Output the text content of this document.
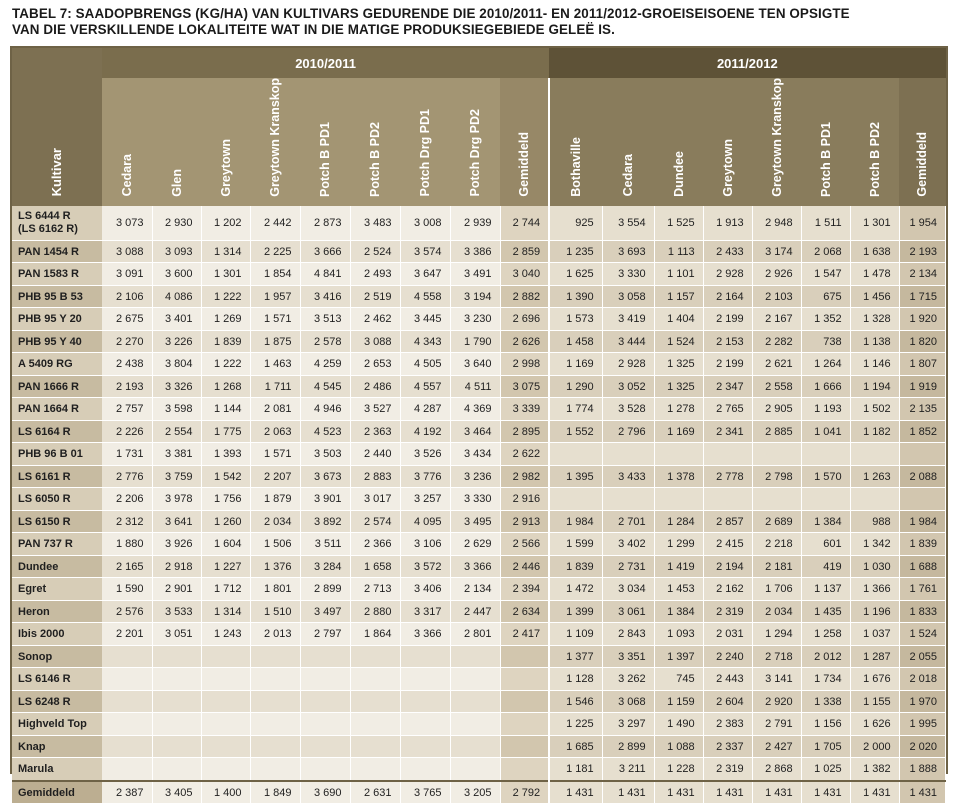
TABEL 7: SAADOPBRENGS (KG/HA) VAN KULTIVARS GEDURENDE DIE 2010/2011- EN 2011/2012-GROEISEISOENE TEN OPSIGTE
VAN DIE VERSKILLENDE LOKALITEITE WAT IN DIE MATIGE PRODUKSIEGEBIEDE GELEË IS.
Kultivar	2010/2011									2011/2012							
	Cedara	Glen	Greytown	Greytown Kranskop	Potch B PD1	Potch B PD2	Potch Drg PD1	Potch Drg PD2	Gemiddeld	Bothaville	Cedara	Dundee	Greytown	Greytown Kranskop	Potch B PD1	Potch B PD2	Gemiddeld

LS 6444 R
(LS 6162 R)	3 073	2 930	1 202	2 442	2 873	3 483	3 008	2 939	2 744	925	3 554	1 525	1 913	2 948	1 511	1 301	1 954

PAN 1454 R	3 088	3 093	1 314	2 225	3 666	2 524	3 574	3 386	2 859	1 235	3 693	1 113	2 433	3 174	2 068	1 638	2 193

PAN 1583 R	3 091	3 600	1 301	1 854	4 841	2 493	3 647	3 491	3 040	1 625	3 330	1 101	2 928	2 926	1 547	1 478	2 134

PHB 95 B 53	2 106	4 086	1 222	1 957	3 416	2 519	4 558	3 194	2 882	1 390	3 058	1 157	2 164	2 103	675	1 456	1 715

PHB 95 Y 20	2 675	3 401	1 269	1 571	3 513	2 462	3 445	3 230	2 696	1 573	3 419	1 404	2 199	2 167	1 352	1 328	1 920

PHB 95 Y 40	2 270	3 226	1 839	1 875	2 578	3 088	4 343	1 790	2 626	1 458	3 444	1 524	2 153	2 282	738	1 138	1 820

A 5409 RG	2 438	3 804	1 222	1 463	4 259	2 653	4 505	3 640	2 998	1 169	2 928	1 325	2 199	2 621	1 264	1 146	1 807

PAN 1666 R	2 193	3 326	1 268	1 711	4 545	2 486	4 557	4 511	3 075	1 290	3 052	1 325	2 347	2 558	1 666	1 194	1 919

PAN 1664 R	2 757	3 598	1 144	2 081	4 946	3 527	4 287	4 369	3 339	1 774	3 528	1 278	2 765	2 905	1 193	1 502	2 135

LS 6164 R	2 226	2 554	1 775	2 063	4 523	2 363	4 192	3 464	2 895	1 552	2 796	1 169	2 341	2 885	1 041	1 182	1 852

PHB 96 B 01	1 731	3 381	1 393	1 571	3 503	2 440	3 526	3 434	2 622								

LS 6161 R	2 776	3 759	1 542	2 207	3 673	2 883	3 776	3 236	2 982	1 395	3 433	1 378	2 778	2 798	1 570	1 263	2 088

LS 6050 R	2 206	3 978	1 756	1 879	3 901	3 017	3 257	3 330	2 916								

LS 6150 R	2 312	3 641	1 260	2 034	3 892	2 574	4 095	3 495	2 913	1 984	2 701	1 284	2 857	2 689	1 384	988	1 984

PAN 737 R	1 880	3 926	1 604	1 506	3 511	2 366	3 106	2 629	2 566	1 599	3 402	1 299	2 415	2 218	601	1 342	1 839

Dundee	2 165	2 918	1 227	1 376	3 284	1 658	3 572	3 366	2 446	1 839	2 731	1 419	2 194	2 181	419	1 030	1 688

Egret	1 590	2 901	1 712	1 801	2 899	2 713	3 406	2 134	2 394	1 472	3 034	1 453	2 162	1 706	1 137	1 366	1 761

Heron	2 576	3 533	1 314	1 510	3 497	2 880	3 317	2 447	2 634	1 399	3 061	1 384	2 319	2 034	1 435	1 196	1 833

Ibis 2000	2 201	3 051	1 243	2 013	2 797	1 864	3 366	2 801	2 417	1 109	2 843	1 093	2 031	1 294	1 258	1 037	1 524

Sonop										1 377	3 351	1 397	2 240	2 718	2 012	1 287	2 055

LS 6146 R										1 128	3 262	745	2 443	3 141	1 734	1 676	2 018

LS 6248 R										1 546	3 068	1 159	2 604	2 920	1 338	1 155	1 970

Highveld Top										1 225	3 297	1 490	2 383	2 791	1 156	1 626	1 995

Knap										1 685	2 899	1 088	2 337	2 427	1 705	2 000	2 020

Marula										1 181	3 211	1 228	2 319	2 868	1 025	1 382	1 888

Gemiddeld	2 387	3 405	1 400	1 849	3 690	2 631	3 765	3 205	2 792	1 431	1 431	1 431	1 431	1 431	1 431	1 431	1 431
